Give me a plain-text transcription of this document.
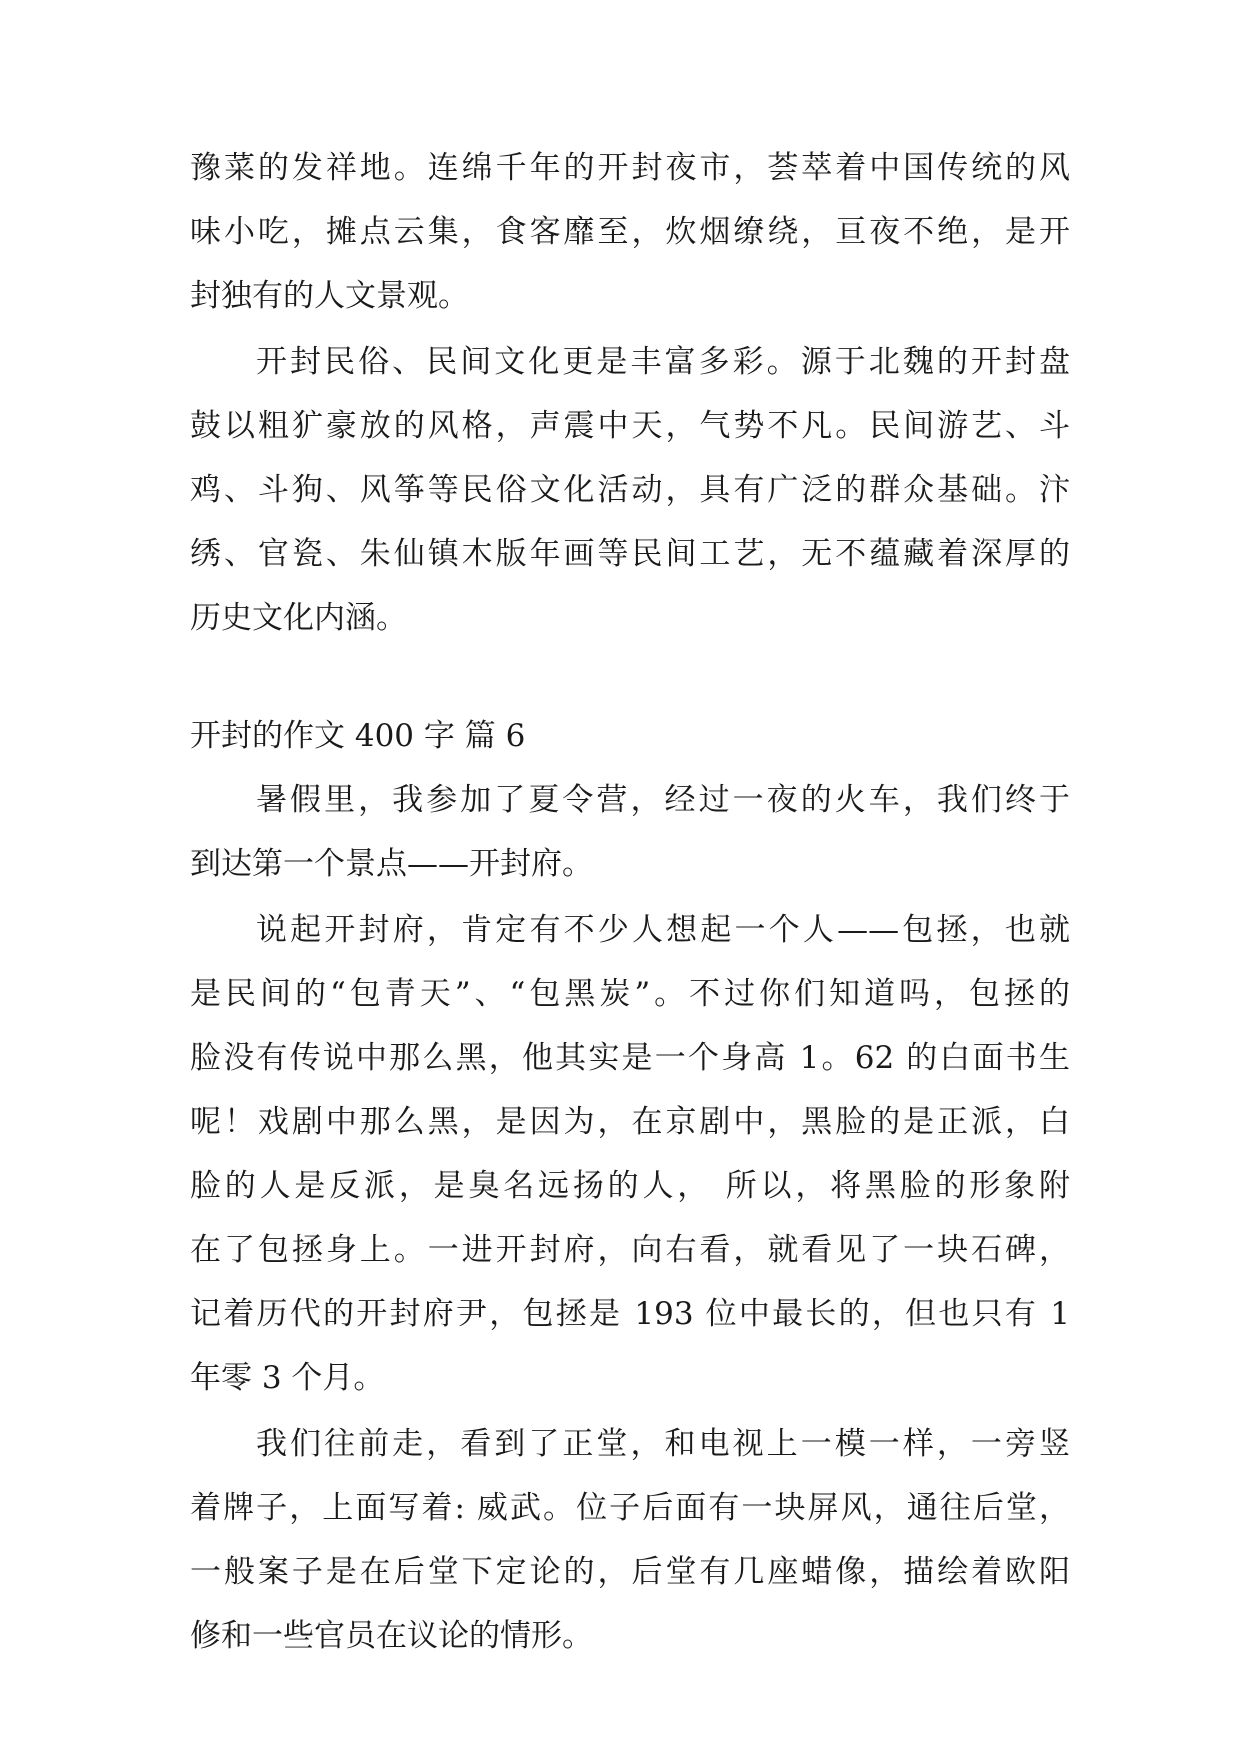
豫菜的发祥地。连绵千年的开封夜市，荟萃着中国传统的风
味小吃，摊点云集，食客靡至，炊烟缭绕，亘夜不绝，是开
封独有的人文景观。
开封民俗、民间文化更是丰富多彩。源于北魏的开封盘
鼓以粗犷豪放的风格，声震中天，气势不凡。民间游艺、斗
鸡、斗狗、风筝等民俗文化活动，具有广泛的群众基础。汴
绣、官瓷、朱仙镇木版年画等民间工艺，无不蕴藏着深厚的
历史文化内涵。
开封的作文 400 字 篇 6
暑假里，我参加了夏令营，经过一夜的火车，我们终于
到达第一个景点——开封府。
说起开封府，肯定有不少人想起一个人——包拯，也就
是民间的“包青天”、“包黑炭”。不过你们知道吗，包拯的
脸没有传说中那么黑，他其实是一个身高 1。62 的白面书生
呢！戏剧中那么黑，是因为，在京剧中，黑脸的是正派，白
脸的人是反派，是臭名远扬的人， 所以，将黑脸的形象附
在了包拯身上。一进开封府，向右看，就看见了一块石碑，
记着历代的开封府尹，包拯是 193 位中最长的，但也只有 1
年零 3 个月。
我们往前走，看到了正堂，和电视上一模一样，一旁竖
着牌子，上面写着: 威武。位子后面有一块屏风，通往后堂，
一般案子是在后堂下定论的，后堂有几座蜡像，描绘着欧阳
修和一些官员在议论的情形。
